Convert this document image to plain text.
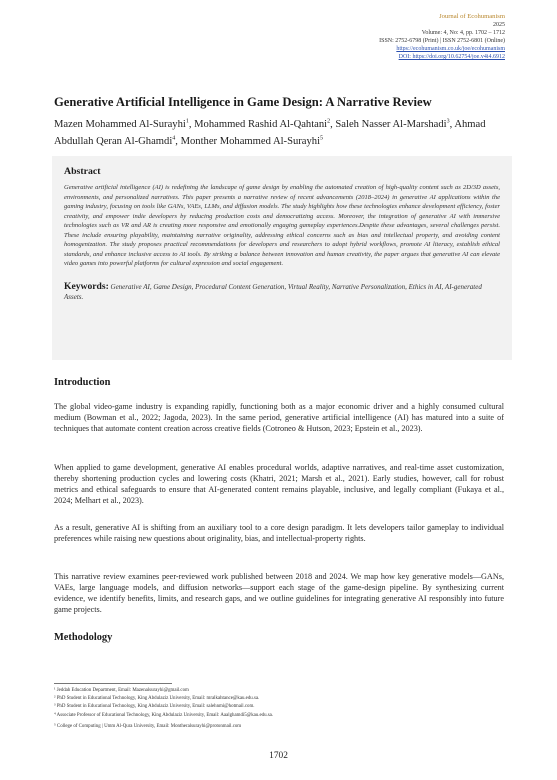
Journal of Ecohumanism
2025
Volume: 4, No: 4, pp. 1702 – 1712
ISSN: 2752-6798 (Print) | ISSN 2752-6801 (Online)
https://ecohumanism.co.uk/joe/ecohumanism
DOI: https://doi.org/10.62754/joe.v4i4.6912
Generative Artificial Intelligence in Game Design: A Narrative Review
Mazen Mohammed Al-Surayhi$^1$, Mohammed Rashid Al-Qahtani$^2$, Saleh Nasser Al-Marshadi$^3$, Ahmad Abdullah Qeran Al-Ghamdi$^4$, Monther Mohammed Al-Surayhi$^5$
Abstract

Generative artificial intelligence (AI) is redefining the landscape of game design by enabling the automated creation of high-quality content such as 2D/3D assets, environments, and personalized narratives. This paper presents a narrative review of recent advancements (2018–2024) in generative AI applications within the gaming industry, focusing on tools like GANs, VAEs, LLMs, and diffusion models. The study highlights how these technologies enhance development efficiency, foster creativity, and empower indie developers by reducing production costs and democratizing access. Moreover, the integration of generative AI with immersive technologies such as VR and AR is creating more responsive and emotionally engaging gameplay experiences.Despite these advantages, several challenges persist. These include ensuring playability, maintaining narrative originality, addressing ethical concerns such as bias and intellectual property, and avoiding content homogenization. The study proposes practical recommendations for developers and researchers to adopt hybrid workflows, promote AI literacy, establish ethical standards, and enhance inclusive access to AI tools. By striking a balance between innovation and human creativity, the paper argues that generative AI can elevate video games into powerful platforms for cultural expression and social engagement.

Keywords: Generative AI, Game Design, Procedural Content Generation, Virtual Reality, Narrative Personalization, Ethics in AI, AI-generated Assets.

Introduction

The global video-game industry is expanding rapidly, functioning both as a major economic driver and a highly consumed cultural medium (Bowman et al., 2022; Jagoda, 2023). In the same period, generative artificial intelligence (AI) has matured into a suite of techniques that automate content creation across creative fields (Cotroneo & Hutson, 2023; Epstein et al., 2023).

When applied to game development, generative AI enables procedural worlds, adaptive narratives, and real-time asset customization, thereby shortening production cycles and lowering costs (Khatri, 2021; Marsh et al., 2021). Early studies, however, call for robust metrics and ethical safeguards to ensure that AI-generated content remains playable, inclusive, and legally compliant (Fukaya et al., 2024; Melhart et al., 2023).

As a result, generative AI is shifting from an auxiliary tool to a core design paradigm. It lets developers tailor gameplay to individual preferences while raising new questions about originality, bias, and intellectual-property rights.

This narrative review examines peer-reviewed work published between 2018 and 2024. We map how key generative models—GANs, VAEs, large language models, and diffusion networks—support each stage of the game-design pipeline. By synthesizing current evidence, we identify benefits, limits, and research gaps, and we outline guidelines for integrating generative AI responsibly into future game projects.

Methodology
¹ Jeddah Education Department, Email: Mazenalsurayhi@gmail.com
² PhD Student in Educational Technology, King Abdulaziz University, Email: mralkahtance@kau.edu.sa.
³ PhD Student in Educational Technology, King Abdulaziz University, Email: salehnmi@hotmail.com.
⁴ Associate Professor of Educational Technology, King Abdulaziz University, Email: Aaalghamdi5@kau.edu.sa.
⁵ College of Computing | Umm Al-Qura University, Email: Montheralsurayhi@protonmail.com
1702
